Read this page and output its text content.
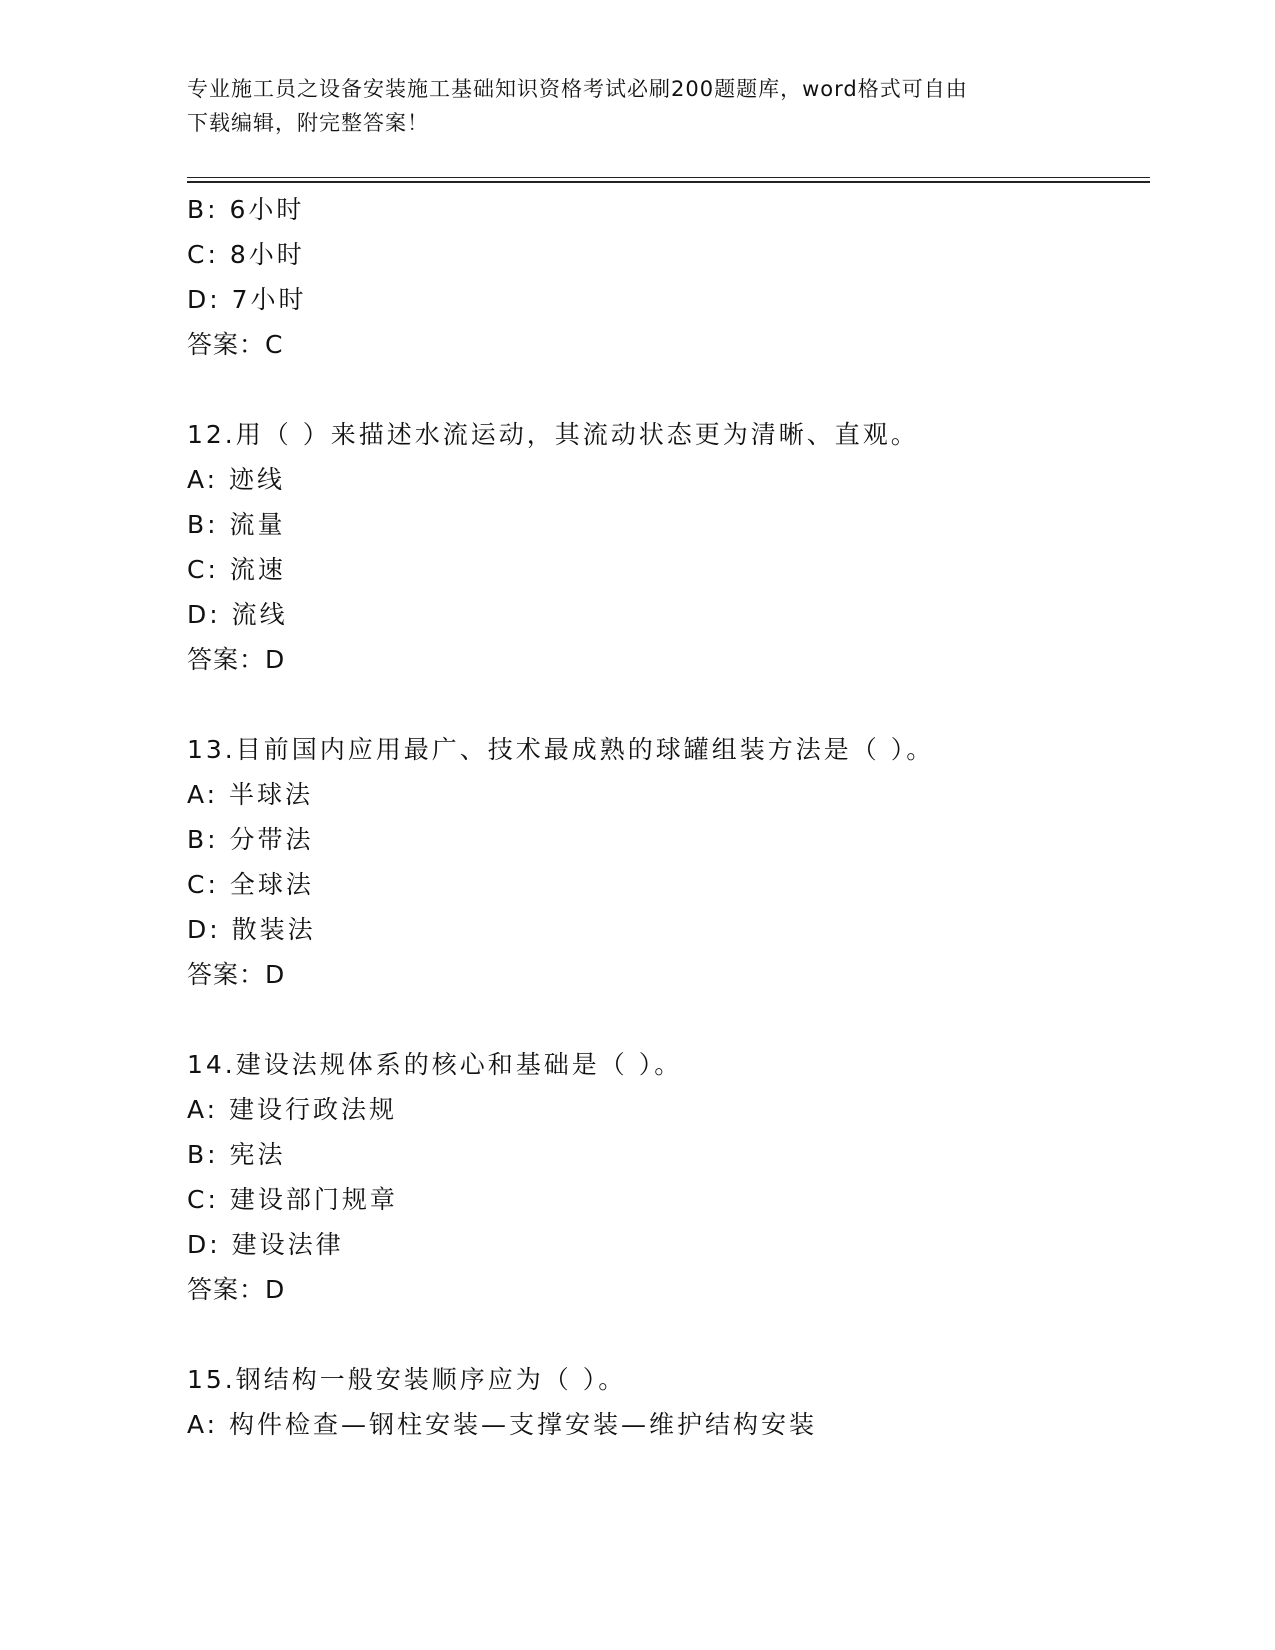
专业施工员之设备安装施工基础知识资格考试必刷200题题库，word格式可自由
下载编辑，附完整答案！
B: 6小时
C: 8小时
D: 7小时
答案：C
12.用（ ）来描述水流运动，其流动状态更为清晰、直观。
A: 迹线
B: 流量
C: 流速
D: 流线
答案：D
13.目前国内应用最广、技术最成熟的球罐组装方法是（ ）。
A: 半球法
B: 分带法
C: 全球法
D: 散装法
答案：D
14.建设法规体系的核心和基础是（ ）。
A: 建设行政法规
B: 宪法
C: 建设部门规章
D: 建设法律
答案：D
15.钢结构一般安装顺序应为（ ）。
A: 构件检查—钢柱安装—支撑安装—维护结构安装
